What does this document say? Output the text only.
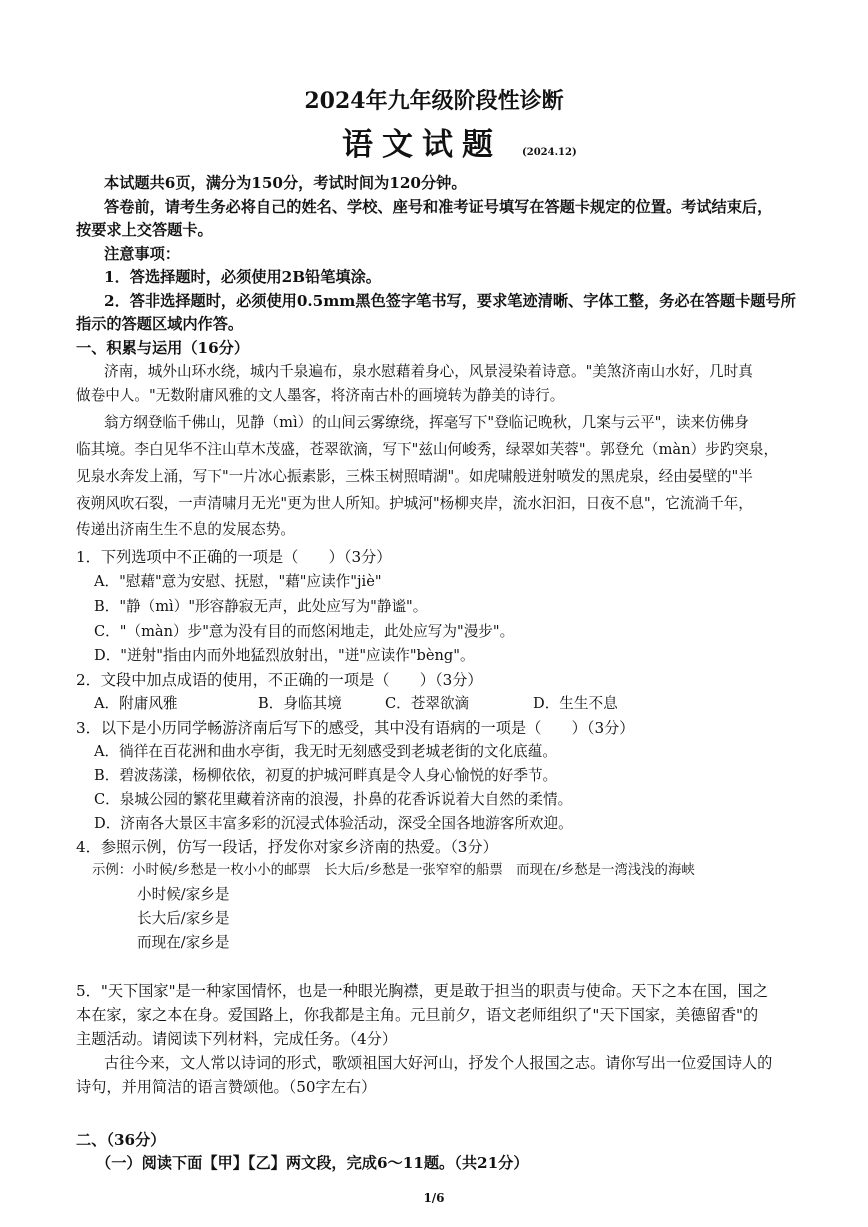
2024年九年级阶段性诊断
语文试题 (2024.12)
本试题共6页，满分为150分，考试时间为120分钟。
答卷前，请考生务必将自己的姓名、学校、座号和准考证号填写在答题卡规定的位置。考试结束后，
按要求上交答题卡。
注意事项：
1．答选择题时，必须使用2B铅笔填涂。
2．答非选择题时，必须使用0.5mm黑色签字笔书写，要求笔迹清晰、字体工整，务必在答题卡题号所
指示的答题区域内作答。
一、积累与运用（16分）
济南，城外山环水绕，城内千泉遍布，泉水慰藉着身心，风景浸染着诗意。"美煞济南山水好，几时真
做卷中人。"无数附庸风雅的文人墨客，将济南古朴的画境转为静美的诗行。
翁方纲登临千佛山，见静（mì）的山间云雾缭绕，挥毫写下"登临记晚秋，几案与云平"，读来仿佛身
临其境。李白见华不注山草木茂盛，苍翠欲滴，写下"兹山何峻秀，绿翠如芙蓉"。郭登允（màn）步趵突泉，
见泉水奔发上涌，写下"一片冰心振素影，三株玉树照晴湖"。如虎啸般迸射喷发的黑虎泉，经由晏壁的"半
夜朔风吹石裂，一声清啸月无光"更为世人所知。护城河"杨柳夹岸，流水汩汩，日夜不息"，它流淌千年，
传递出济南生生不息的发展态势。
1．下列选项中不正确的一项是（　　）（3分）
A．"慰藉"意为安慰、抚慰，"藉"应读作"jiè"
B．"静（mì）"形容静寂无声，此处应写为"静谧"。
C．"（màn）步"意为没有目的而悠闲地走，此处应写为"漫步"。
D．"迸射"指由内而外地猛烈放射出，"迸"应读作"bèng"。
2．文段中加点成语的使用，不正确的一项是（　　）（3分）
A．附庸风雅	B．身临其境	C．苍翠欲滴	D．生生不息
3．以下是小历同学畅游济南后写下的感受，其中没有语病的一项是（　　）（3分）
A．徜徉在百花洲和曲水亭街，我无时无刻感受到老城老街的文化底蕴。
B．碧波荡漾，杨柳依依，初夏的护城河畔真是令人身心愉悦的好季节。
C．泉城公园的繁花里藏着济南的浪漫，扑鼻的花香诉说着大自然的柔情。
D．济南各大景区丰富多彩的沉浸式体验活动，深受全国各地游客所欢迎。
4．参照示例，仿写一段话，抒发你对家乡济南的热爱。（3分）
示例：小时候/乡愁是一枚小小的邮票　长大后/乡愁是一张窄窄的船票　而现在/乡愁是一湾浅浅的海峡
小时候/家乡是
长大后/家乡是
而现在/家乡是
5．"天下国家"是一种家国情怀，也是一种眼光胸襟，更是敢于担当的职责与使命。天下之本在国，国之
本在家，家之本在身。爱国路上，你我都是主角。元旦前夕，语文老师组织了"天下国家，美德留香"的
主题活动。请阅读下列材料，完成任务。（4分）
古往今来，文人常以诗词的形式，歌颂祖国大好河山，抒发个人报国之志。请你写出一位爱国诗人的
诗句，并用简洁的语言赞颂他。（50字左右）
二、（36分）
（一）阅读下面【甲】【乙】两文段，完成6～11题。（共21分）
1/6
